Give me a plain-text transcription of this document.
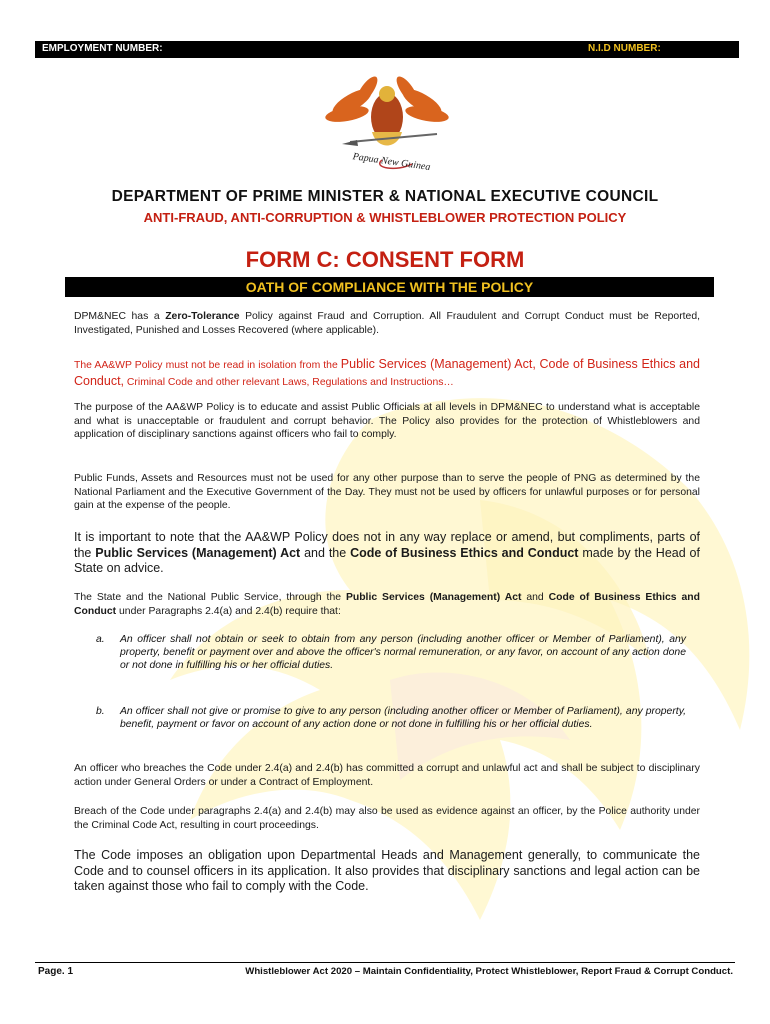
EMPLOYMENT NUMBER:	N.I.D NUMBER:
Papua New Guinea
DEPARTMENT OF PRIME MINISTER & NATIONAL EXECUTIVE COUNCIL
ANTI-FRAUD, ANTI-CORRUPTION & WHISTLEBLOWER PROTECTION POLICY
FORM C: CONSENT FORM
OATH OF COMPLIANCE WITH THE POLICY

DPM&NEC has a Zero-Tolerance Policy against Fraud and Corruption. All Fraudulent and Corrupt Conduct must be Reported, Investigated, Punished and Losses Recovered (where applicable).

The AA&WP Policy must not be read in isolation from the Public Services (Management) Act, Code of Business Ethics and Conduct, Criminal Code and other relevant Laws, Regulations and Instructions…

The purpose of the AA&WP Policy is to educate and assist Public Officials at all levels in DPM&NEC to understand what is acceptable and what is unacceptable or fraudulent and corrupt behavior. The Policy also provides for the protection of Whistleblowers and application of disciplinary sanctions against officers who fail to comply.

Public Funds, Assets and Resources must not be used for any other purpose than to serve the people of PNG as determined by the National Parliament and the Executive Government of the Day. They must not be used by officers for unlawful purposes or for personal gain at the expense of the people.

It is important to note that the AA&WP Policy does not in any way replace or amend, but compliments, parts of the Public Services (Management) Act and the Code of Business Ethics and Conduct made by the Head of State on advice.

The State and the National Public Service, through the Public Services (Management) Act and Code of Business Ethics and Conduct under Paragraphs 2.4(a) and 2.4(b) require that:

a. An officer shall not obtain or seek to obtain from any person (including another officer or Member of Parliament), any property, benefit or payment over and above the officer's normal remuneration, or any favor, on account of any action done or not done in fulfilling his or her official duties.

b. An officer shall not give or promise to give to any person (including another officer or Member of Parliament), any property, benefit, payment or favor on account of any action done or not done in fulfilling his or her official duties.

An officer who breaches the Code under 2.4(a) and 2.4(b) has committed a corrupt and unlawful act and shall be subject to disciplinary action under General Orders or under a Contract of Employment.

Breach of the Code under paragraphs 2.4(a) and 2.4(b) may also be used as evidence against an officer, by the Police authority under the Criminal Code Act, resulting in court proceedings.

The Code imposes an obligation upon Departmental Heads and Management generally, to communicate the Code and to counsel officers in its application. It also provides that disciplinary sanctions and legal action can be taken against those who fail to comply with the Code.

Page. 1	Whistleblower Act 2020 – Maintain Confidentiality, Protect Whistleblower, Report Fraud & Corrupt Conduct.
